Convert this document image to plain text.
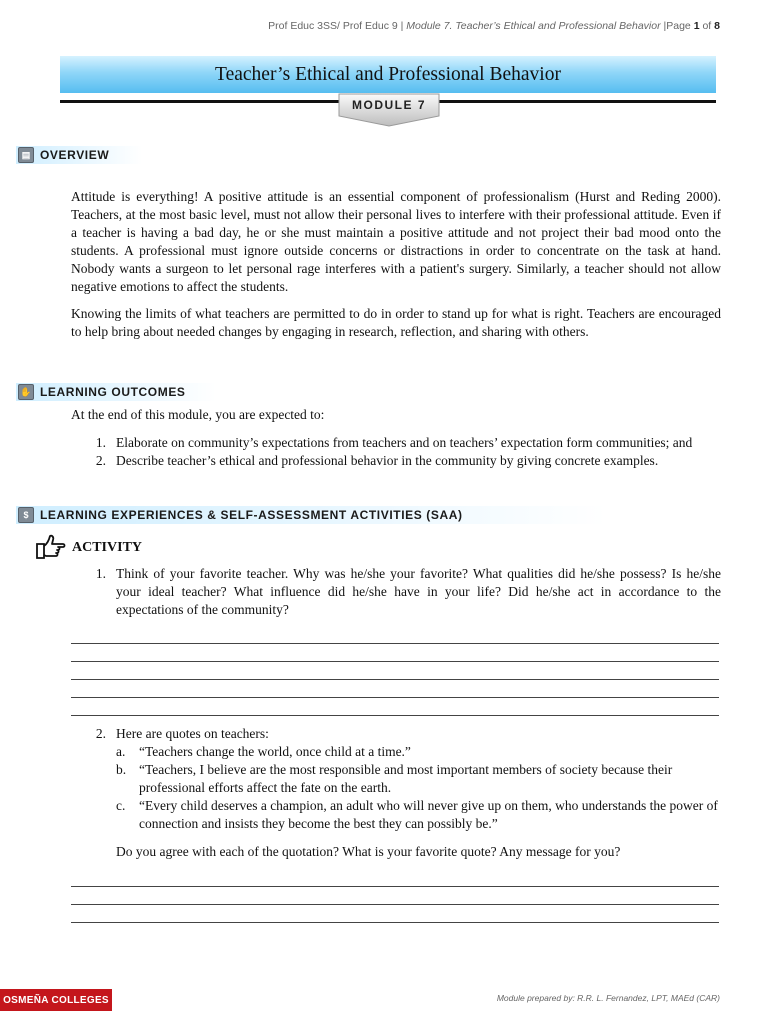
Prof Educ 3SS/ Prof Educ 9 | Module 7. Teacher’s Ethical and Professional Behavior |Page 1 of 8
Teacher’s Ethical and Professional Behavior
MODULE 7
▤ OVERVIEW

Attitude is everything! A positive attitude is an essential component of professionalism (Hurst and Reding 2000). Teachers, at the most basic level, must not allow their personal lives to interfere with their professional attitude. Even if a teacher is having a bad day, he or she must maintain a positive attitude and not project their bad mood onto the students. A professional must ignore outside concerns or distractions in order to concentrate on the task at hand. Nobody wants a surgeon to let personal rage interferes with a patient's surgery. Similarly, a teacher should not allow negative emotions to affect the students.

Knowing the limits of what teachers are permitted to do in order to stand up for what is right. Teachers are encouraged to help bring about needed changes by engaging in research, reflection, and sharing with others.

✋ LEARNING OUTCOMES

At the end of this module, you are expected to:

1. Elaborate on community’s expectations from teachers and on teachers’ expectation form communities; and
2. Describe teacher’s ethical and professional behavior in the community by giving concrete examples.
$ LEARNING EXPERIENCES & SELF-ASSESSMENT ACTIVITIES (SAA)
ACTIVITY
1. Think of your favorite teacher. Why was he/she your favorite? What qualities did he/she possess? Is he/she your ideal teacher? What influence did he/she have in your life? Did he/she act in accordance to the expectations of the community?
2. Here are quotes on teachers:
a.	“Teachers change the world, once child at a time.”
b. “Teachers, I believe are the most responsible and most important members of society because their professional efforts affect the fate on the earth.
c.	“Every child deserves a champion, an adult who will never give up on them, who understands the power of connection and insists they become the best they can possibly be.”

Do you agree with each of the quotation? What is your favorite quote? Any message for you?

OSMEÑA COLLEGES	Module prepared by: R.R. L. Fernandez, LPT, MAEd (CAR)
